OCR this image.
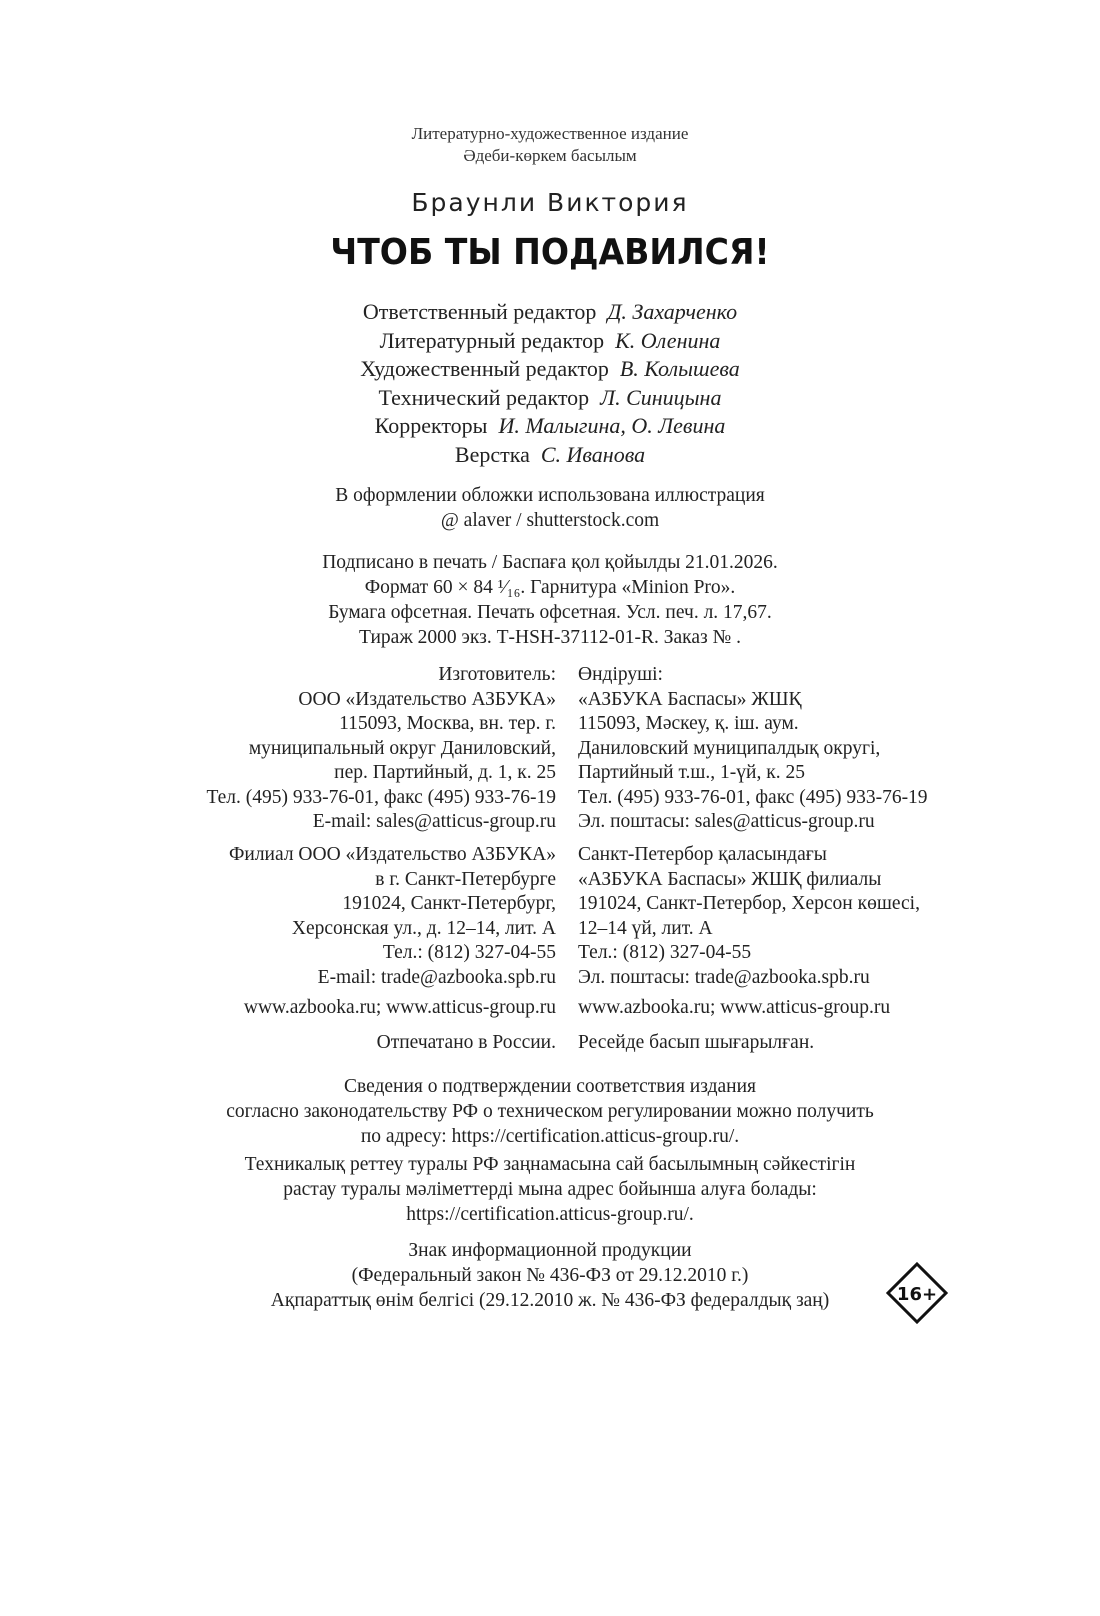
Литературно-художественное издание
Әдеби-көркем басылым
Браунли Виктория
ЧТОБ ТЫ ПОДАВИЛСЯ!
Ответственный редактор Д. Захарченко
Литературный редактор К. Оленина
Художественный редактор В. Колышева
Технический редактор Л. Синицына
Корректоры И. Малыгина, О. Левина
Верстка С. Иванова
В оформлении обложки использована иллюстрация
@ alaver / shutterstock.com
Подписано в печать / Баспаға қол қойылды 21.01.2026.
Формат 60 × 84 ¹⁄₁₆. Гарнитура «Minion Pro».
Бумага офсетная. Печать офсетная. Усл. печ. л. 17,67.
Тираж 2000 экз. Т-HSH-37112-01-R. Заказ № .
Изготовитель:
ООО «Издательство АЗБУКА»
115093, Москва, вн. тер. г.
муниципальный округ Даниловский,
пер. Партийный, д. 1, к. 25
Тел. (495) 933-76-01, факс (495) 933-76-19
E-mail: sales@atticus-group.ru
Өндіруші:
«АЗБУКА Баспасы» ЖШҚ
115093, Мәскеу, қ. іш. аум.
Даниловский муниципалдық округі,
Партийный т.ш., 1-үй, к. 25
Тел. (495) 933-76-01, факс (495) 933-76-19
Эл. поштасы: sales@atticus-group.ru
Филиал ООО «Издательство АЗБУКА»
в г. Санкт-Петербурге
191024, Санкт-Петербург,
Херсонская ул., д. 12–14, лит. А
Тел.: (812) 327-04-55
E-mail: trade@azbooka.spb.ru
Санкт-Петербор қаласындағы
«АЗБУКА Баспасы» ЖШҚ филиалы
191024, Санкт-Петербор, Херсон көшесі,
12–14 үй, лит. А
Тел.: (812) 327-04-55
Эл. поштасы: trade@azbooka.spb.ru
www.azbooka.ru; www.atticus-group.ru www.azbooka.ru; www.atticus-group.ru
Отпечатано в России. Ресейде басып шығарылған.
Сведения о подтверждении соответствия издания
согласно законодательству РФ о техническом регулировании можно получить
по адресу: https://certification.atticus-group.ru/.
Техникалық реттеу туралы РФ заңнамасына сай басылымның сәйкестігін
растау туралы мәліметтерді мына адрес бойынша алуға болады:
https://certification.atticus-group.ru/.
Знак информационной продукции
(Федеральный закон № 436-ФЗ от 29.12.2010 г.)
Ақпараттық өнім белгісі (29.12.2010 ж. № 436-ФЗ федералдық заң)	16+
